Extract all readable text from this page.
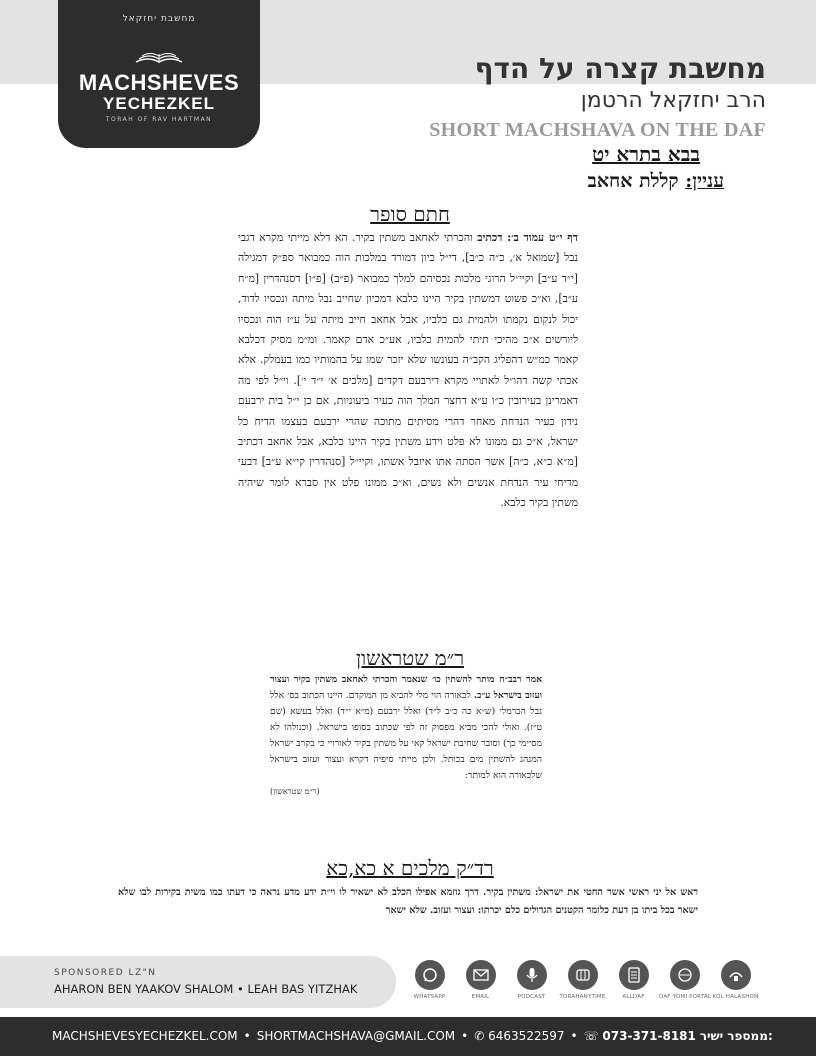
מחשבת יחזקאל
MACHSHEVES
YECHEZKEL
TORAH OF RAV HARTMAN
מחשבת קצרה על הדף
הרב יחזקאל הרטמן
SHORT MACHSHAVA ON THE DAF
בבא בתרא יט
עניין: קללת אחאב
חתם סופר

דף י״ט עמוד ב׳: דכתיב והכרתי לאחאב משתין בקיר. הא דלא מייתי מקרא דגבי נבל [שמואל א׳, כ״ה כ״ב], די״ל כיון דמורד במלכות הוה כמבואר ספ״ק דמגילה [י״ד ע״ב] וקיי״ל הרוגי מלכות נכסיהם למלך כמבואר (פ״ב) [פ״ו] דסנהדרין [מ״ח ע״ב], וא״כ פשוט דמשתין בקיר היינו כלבא דמכיון שחייב נבל מיתה ונכסיו לדוד, יכול לנקום נקמתו ולהמית גם כלביו, אבל אחאב חייב מיתה על ע״ז הוה ונכסיו ליורשים א״כ מהיכי תיתי להמית כלביו, אע״כ אדם קאמר. ומ״מ מסיק דכלבא קאמר כמ״ש דהפליג הקב״ה בעונשו שלא יזכר שמו על בהמותיו כמו בעמלק. אלא אכתי קשה דהו״ל לאתויי מקרא דירבעם דקדים [מלכים א׳ י״ד י׳]. וי״ל לפי מה דאמרינן בעירובין כ״ו ע״א דחצר המלך הוה כעיר ביעוניות, אם כן י״ל בית ירבעם נידון כעיר הנדחת מאחר דהרי מסיתים מתוכה שהרי ירבעם בעצמו הדיח כל ישראל, א״כ גם ממונו לא פלט וידע משתין בקיר היינו כלבא, אבל אחאב דכתיב [מ״א כ״א, כ״ה] אשר הסתה אתו איזבל אשתו, וקיי״ל [סנהדרין קי״א ע״ב] דבעי מדיחי עיר הנדחת אנשים ולא נשים, וא״כ ממונו פלט אין סברא לומר שיהיה משתין בקיר כלבא.

ר״מ שטראשון

אמר רבב״ח מותר להשתין כו׳ שנאמר והכרתי לאחאב משתין בקיר ועצור ועזוב בישראל ע״כ. לכאורה הוי מלי להביא מן המוקדם. היינו הכתוב בס׳ אלל נבל הכרמלי (ש״א כה כ״ב ל״ד) ואלל ירבעם (מ״א י״ד) ואלל בעשא (שם ט״ז). ואולי להכי מביא מפסוק זה לפי שכתוב בסופו בישראל. (וכנולהו לא מסיימי כך) וסובר שחיבת ישראל קאי על משתין בקיר לאורויי כי בקרב ישראל המנהג להשתין מים בכותל. ולכן מייתי סיפיה דקרא ועצור ועזוב בישראל שלכאורה הוא למותר:
(ר״מ שטראשון)

רד״ק מלכים א כא,כא

ראש אל יני ראשי אשר החטי את ישראל: משתין בקיר. דרך גוזמא אפילו הכלב לא ישאיר לו וי״ת ידע מדע נראה כי דעתו כמו משית בקירות לבו שלא ישאר בכל ביתו בן דעת כלומר הקטנים הגדולים כלם יכרתו: ועצור ועזוב. שלא ישאר

SPONSORED LZ"N
AHARON BEN YAAKOV SHALOM • LEAH BAS YITZHAK
WHATSAPP	EMAIL	PODCAST	TORAHANYTIME	ALLDAF	DAF YOMI PORTAL KOL HALASHON
MACHSHEVESYECHEZKEL.COM • SHORTMACHSHAVA@GMAIL.COM • ✆ 6463522597 • ☏ 073-371-8181 ממספר ישיר:
